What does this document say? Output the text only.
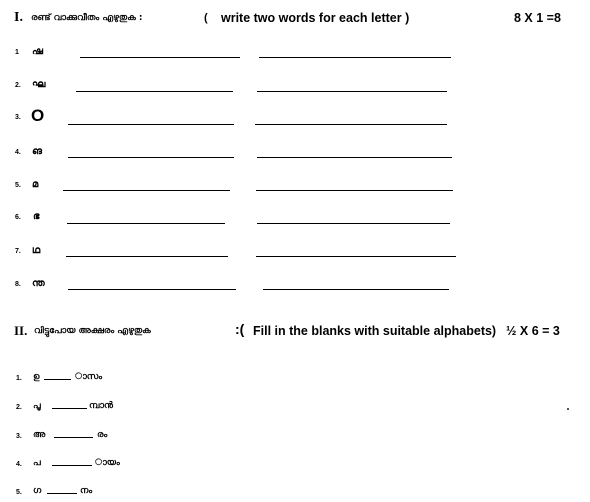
I. രണ്ട് വാക്കുവീതം എഴുതുക :	( write two words for each letter )	8 X 1 =8
1 ഷ
2. ഘ
3. O
4. ങ
5. മ
6. ഭ
7. ഥ
8. ന്ത
II. വിട്ടുപോയ അക്ഷരം എഴുതുക	:( Fill in the blanks with suitable alphabets) ½ X 6 = 3
1. ഉ	ാസം
2. പൂ	മ്പാൻ
3. അ	രം
4. പ	ായം
5. ഗ	നം
